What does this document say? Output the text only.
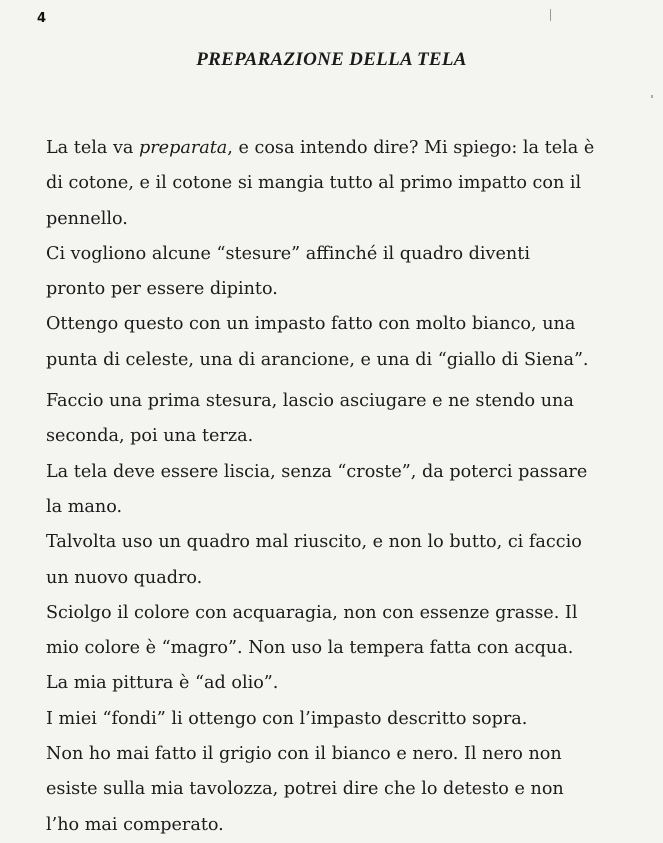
4
PREPARAZIONE DELLA TELA
La tela va preparata, e cosa intendo dire? Mi spiego: la tela è
di cotone, e il cotone si mangia tutto al primo impatto con il
pennello.
Ci vogliono alcune “stesure” affinché il quadro diventi
pronto per essere dipinto.
Ottengo questo con un impasto fatto con molto bianco, una
punta di celeste, una di arancione, e una di “giallo di Siena”.
Faccio una prima stesura, lascio asciugare e ne stendo una
seconda, poi una terza.
La tela deve essere liscia, senza “croste”, da poterci passare
la mano.
Talvolta uso un quadro mal riuscito, e non lo butto, ci faccio
un nuovo quadro.
Sciolgo il colore con acquaragia, non con essenze grasse. Il
mio colore è “magro”. Non uso la tempera fatta con acqua.
La mia pittura è “ad olio”.
I miei “fondi” li ottengo con l’impasto descritto sopra.
Non ho mai fatto il grigio con il bianco e nero. Il nero non
esiste sulla mia tavolozza, potrei dire che lo detesto e non
l’ho mai comperato.
